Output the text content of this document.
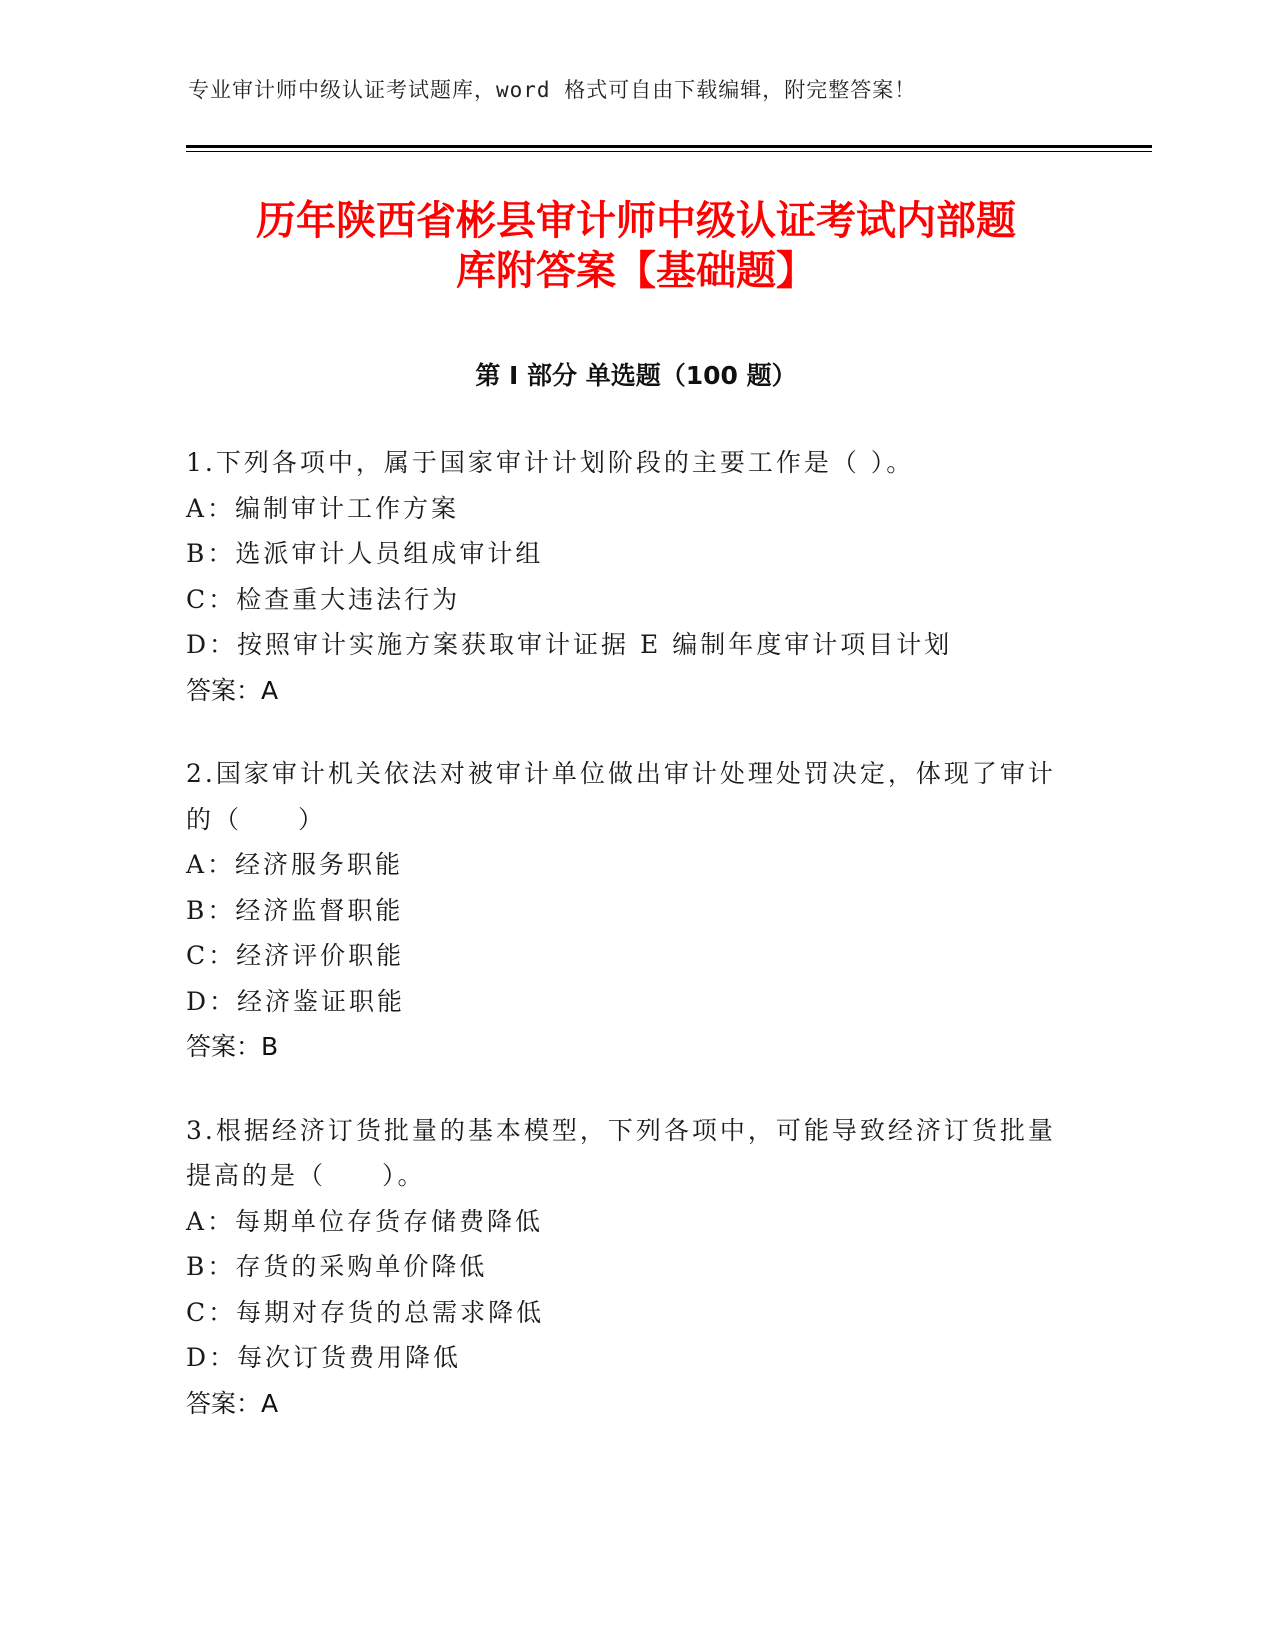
专业审计师中级认证考试题库，word 格式可自由下载编辑，附完整答案！
历年陕西省彬县审计师中级认证考试内部题
库附答案【基础题】
第 I 部分 单选题（100 题）
1.下列各项中，属于国家审计计划阶段的主要工作是（ ）。
A：编制审计工作方案
B：选派审计人员组成审计组
C：检查重大违法行为
D：按照审计实施方案获取审计证据 E 编制年度审计项目计划
答案：A
2.国家审计机关依法对被审计单位做出审计处理处罚决定，体现了审计的（　　）
A：经济服务职能
B：经济监督职能
C：经济评价职能
D：经济鉴证职能
答案：B
3.根据经济订货批量的基本模型，下列各项中，可能导致经济订货批量提高的是（　　）。
A：每期单位存货存储费降低
B：存货的采购单价降低
C：每期对存货的总需求降低
D：每次订货费用降低
答案：A
